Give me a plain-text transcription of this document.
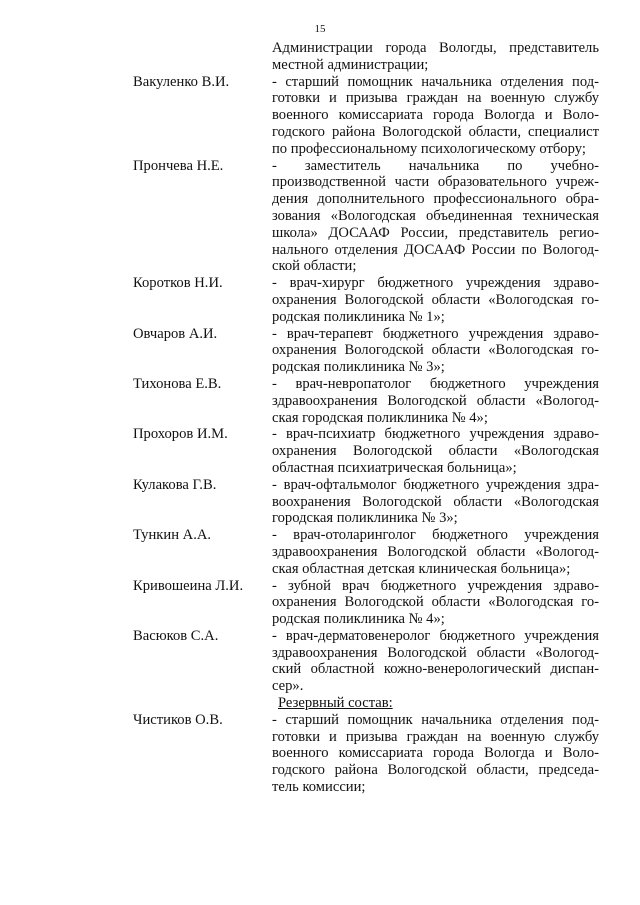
15
Администрации города Вологды, представитель
местной администрации;
Вакуленко В.И.	- старший помощник начальника отделения под-
готовки и призыва граждан на военную службу
военного комиссариата города Вологда и Воло-
годского района Вологодской области, специалист
по профессиональному психологическому отбору;
Прончева Н.Е.	- заместитель начальника по учебно-
производственной части образовательного учреж-
дения дополнительного профессионального обра-
зования «Вологодская объединенная техническая
школа» ДОСААФ России, представитель регио-
нального отделения ДОСААФ России по Вологод-
ской области;
Коротков Н.И.	- врач-хирург бюджетного учреждения здраво-
охранения Вологодской области «Вологодская го-
родская поликлиника № 1»;
Овчаров А.И.	- врач-терапевт бюджетного учреждения здраво-
охранения Вологодской области «Вологодская го-
родская поликлиника № 3»;
Тихонова Е.В.	- врач-невропатолог бюджетного учреждения
здравоохранения Вологодской области «Вологод-
ская городская поликлиника № 4»;
Прохоров И.М.	- врач-психиатр бюджетного учреждения здраво-
охранения Вологодской области «Вологодская
областная психиатрическая больница»;
Кулакова Г.В.	- врач-офтальмолог бюджетного учреждения здра-
воохранения Вологодской области «Вологодская
городская поликлиника № 3»;
Тункин А.А.	- врач-отоларинголог бюджетного учреждения
здравоохранения Вологодской области «Вологод-
ская областная детская клиническая больница»;
Кривошеина Л.И. - зубной врач бюджетного учреждения здраво-
охранения Вологодской области «Вологодская го-
родская поликлиника № 4»;
Васюков С.А.	- врач-дерматовенеролог бюджетного учреждения
здравоохранения Вологодской области «Вологод-
ский областной кожно-венерологический диспан-
сер».
Резервный состав:
Чистиков О.В.	- старший помощник начальника отделения под-
готовки и призыва граждан на военную службу
военного комиссариата города Вологда и Воло-
годского района Вологодской области, председа-
тель комиссии;
